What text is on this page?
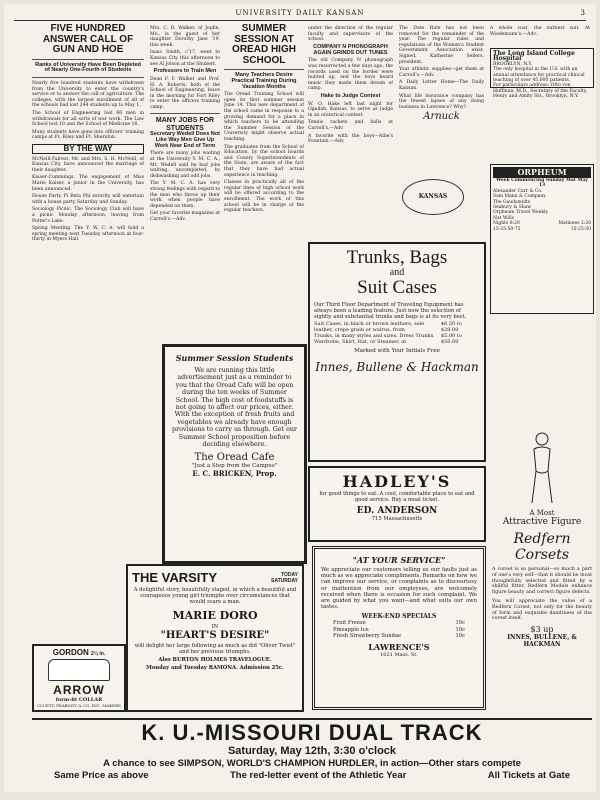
UNIVERSITY DAILY KANSAN	3
FIVE HUNDRED ANSWER CALL OF GUN AND HOE
Ranks of University Have Been Depleted of Nearly One-Fourth of Students

Nearly five hundred students have withdrawn from the University to enter the country's service or to answer the call of agriculture. The colleges, with the largest enrollment of all of the schools had lost 244 students up to May 1.

The School of Engineering lost 66 men in withdrawals for all sorts of war work. The Law School lost 10 and the School of Medicine 16.

Many students have gone into officers' training camps at Ft. Riley and Ft. Sheridan.

BY THE WAY

McNeill-Fairest. Mr. and Mrs. S. H. McNeill, of Kansas City, have announced the marriage of their daughter.

Kaiser-Cummings. The engagement of Miss Marie Kaiser, a junior in the University, has been announced.

House Party. Pi Beta Phi sorority will entertain with a house party Saturday and Sunday.

Sociology Picnic. The Sociology Club will have a picnic Monday afternoon, leaving from Potter's Lake.

Spring Meeting. The Y. W. C. A. will hold a spring meeting next Tuesday afternoon at four-thirty in Myers Hall.

Mrs. C. R. Walker, of Joplin, Mo., is the guest of her daughter Dorothy Jane '19, this week.

Isaac Smith, c'17, went to Kansas City this afternoon to see Al Jolson at the Shubert.

Professors to Train Men

Dean F. F. Walker and Prof. H. A. Roberts, both of the School of Engineering, leave in the morning for Fort Riley to enter the officers training camp.

MANY JOBS FOR STUDENTS
Secretary Wedell Does Not Like Way Men Give Up Work Near End of Term

There are many jobs waiting at the University Y. M. C. A., Mr. Wedell said he had jobs waiting, uncompleted, by dishwashing and odd jobs.

The Y. M. C. A. has very strong feelings with regard to the men who throw up their work when people have depended on them.

Get your favorite magazine at Carroll's.—Adv.

SUMMER SESSION AT OREAD HIGH SCHOOL
Many Teachers Desire Practical Training During Vacation Months

The Oread Training School will open its first summer session June 14. This new department of the school came in response to a growing demand for a place in which teachers to be attending the Summer Session of the University might observe actual teaching.

The graduates from the School of Education, by the school boards and County Superintendents of the State, are aware of the fact that they have had actual experience in teaching.

Classes in practically all of the regular lines of high school work will be offered according to the enrollment. The work of this school will be in charge of the regular teachers.

under the direction of the regular faculty and supervisors of the school.

COMPANY N PHONOGRAPH AGAIN GRINDS OUT TUNES

The old Company N phonograph was resurrected a few days ago, the records used on the border were hunted up, and the boys heard music they made them dream of camp.

Hake to Judge Contest

W. O. Hake left last night for Ogallah, Kansas, to serve as judge in an oratorical contest.

Tennis rackets and balls at Carroll's.—Adv.

A favorite with the boys—Allie's Fountain.—Adv.

The Date Rule has not been removed for the remainder of the year. The regular rules and regulations of the Women's Student Government Association exist. Signed, Katherine Sellers, president.

Your athletic supplies—get them at Carroll's.—Adv.

A Daily Letter Home—The Daily Kansan.

What life insurance company has the fewest lapses of any doing business in Lawrence? Why?

Arnuck
KANSAS

A whole coat, the nattiest suit. At Wiedemann's.—Adv.

The Long Island College Hospital
BROOKLYN, N.Y.
The only hospital in the U.S. with an annual attendance for practical clinical teaching of over 45,000 patients.
For particulars address: Otto von Huffman, M.D., Secretary of the Faculty, Henry and Amity Sts., Brooklyn, N.Y.
ORPHEUM
Week Commencing Sunday Mat May 13
Alexander Carr & Co.
Sam Mann & Company
The Gaudsmidts
Seabury & Shaw
Orpheum Travel Weekly
Nat Wills
Nights 8:20	Matinees 2:20
15-25-50-75	15-25-50
Summer Session Students
We are running this little advertisement just as a reminder to you that the Oread Cafe will be open during the ten weeks of Summer School. The high cost of foodstuffs is not going to affect our prices, either. With the exception of fresh fruits and vegetables we already have enough provisions to carry us through. Get our Summer School proposition before deciding elsewhere.
The Oread Cafe
"Just a Step from the Campus"
E. C. BRICKEN, Prop.
Trunks, Bags
and
Suit Cases
Our Third Floor Department of Traveling Equipment has always been a leading feature. Just now the selection of sightly and substantial trunks and bags is at its very best.
Suit Cases, in black or brown leathers, sole leather, crepe grain or walrus, from
$6.50 to $20.00
Trunks, in many styles and sizes. Dress Trunks, Wardrobe, Skirt, Hat, or Steamer, at
$5.00 to $50.00
Marked with Your Initials Free
Innes, Bullene & Hackman
HADLEY'S
for good things to eat. A cool, comfortable place to eat and good service. Buy a meal ticket.
ED. ANDERSON
715 Massachusetts
THE VARSITY	TODAY
SATURDAY
A delightful story, beautifully staged, in which a beautiful and courageous young girl triumphs over circumstances that would scare a man.
MARIE DORO
IN
"HEART'S DESIRE"
will delight her large following as much as did "Oliver Twist" and her previous triumphs.
Also BURTON HOLMES TRAVELOGUE.
Monday and Tuesday RAMONA. Admission 25c.
"AT YOUR SERVICE"
We appreciate our customers telling us our faults just as much as we appreciate compliments. Remarks on how we can improve our service, or complaints as to discourtesy or inattention from our employees, are welcomely received when there is occasion for such complaint. We are guided by what you want—and what suits our own tastes.
WEEK-END SPECIALS
Fruit Freeze	10c
Pineapple Ice	10c
Fresh Strawberry Sundae	10c
LAWRENCE'S
1021 Mass. St.
GORDON 2¼ in.
ARROW
form-fit COLLAR
CLUETT, PEABODY & CO. INC. MAKERS
A Most
Attractive Figure
Redfern Corsets
A corset is so personal—so much a part of one's very self—that it should be most thoughtfully selected and fitted by a skillful fitter. Redfern Models enhance figure beauty and correct figure defects.
You will appreciate the value of a Redfern Corset, not only for the beauty of form and exquisite daintiness of the corset itself.
$3 up
INNES, BULLENE, & HACKMAN
K. U.-MISSOURI DUAL TRACK
Saturday, May 12th, 3:30 o'clock
A chance to see SIMPSON, WORLD'S CHAMPION HURDLER, in action—Other stars compete
Same Price as above	The red-letter event of the Athletic Year	All Tickets at Gate
